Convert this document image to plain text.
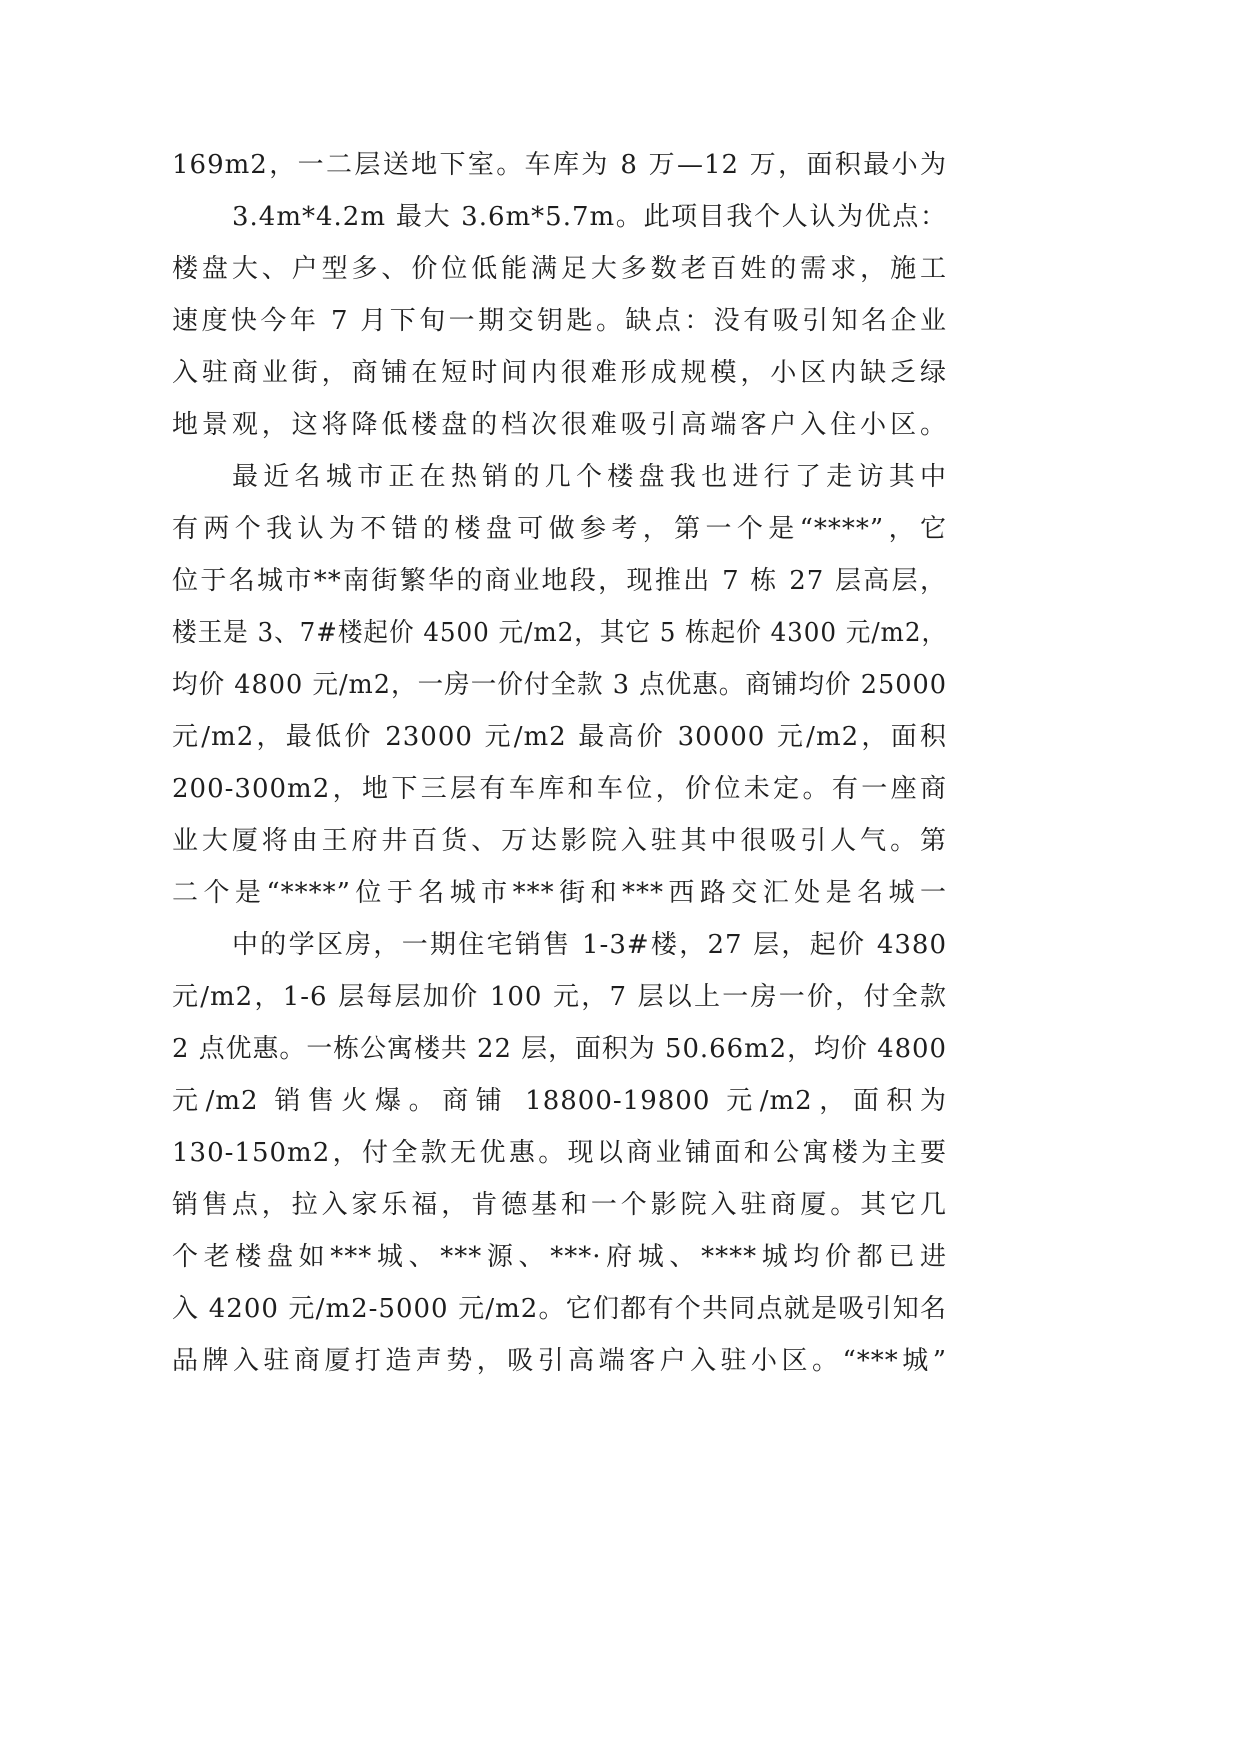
169m2，一二层送地下室。车库为 8 万—12 万，面积最小为
3.4m*4.2m 最大 3.6m*5.7m。此项目我个人认为优点：
楼盘大、户型多、价位低能满足大多数老百姓的需求，施工
速度快今年 7 月下旬一期交钥匙。缺点：没有吸引知名企业
入驻商业街，商铺在短时间内很难形成规模，小区内缺乏绿
地景观，这将降低楼盘的档次很难吸引高端客户入住小区。
最近名城市正在热销的几个楼盘我也进行了走访其中
有两个我认为不错的楼盘可做参考，第一个是“****”，它
位于名城市**南街繁华的商业地段，现推出 7 栋 27 层高层，
楼王是 3、7#楼起价 4500 元/m2，其它 5 栋起价 4300 元/m2，
均价 4800 元/m2，一房一价付全款 3 点优惠。商铺均价 25000
元/m2，最低价 23000 元/m2 最高价 30000 元/m2，面积
200-300m2，地下三层有车库和车位，价位未定。有一座商
业大厦将由王府井百货、万达影院入驻其中很吸引人气。第
二个是“****”位于名城市***街和***西路交汇处是名城一
中的学区房，一期住宅销售 1-3#楼，27 层，起价 4380
元/m2，1-6 层每层加价 100 元，7 层以上一房一价，付全款
2 点优惠。一栋公寓楼共 22 层，面积为 50.66m2，均价 4800
元/m2 销售火爆。商铺 18800-19800 元/m2，面积为
130-150m2，付全款无优惠。现以商业铺面和公寓楼为主要
销售点，拉入家乐福，肯德基和一个影院入驻商厦。其它几
个老楼盘如***城、***源、***·府城、****城均价都已进
入 4200 元/m2-5000 元/m2。它们都有个共同点就是吸引知名
品牌入驻商厦打造声势，吸引高端客户入驻小区。“***城”
